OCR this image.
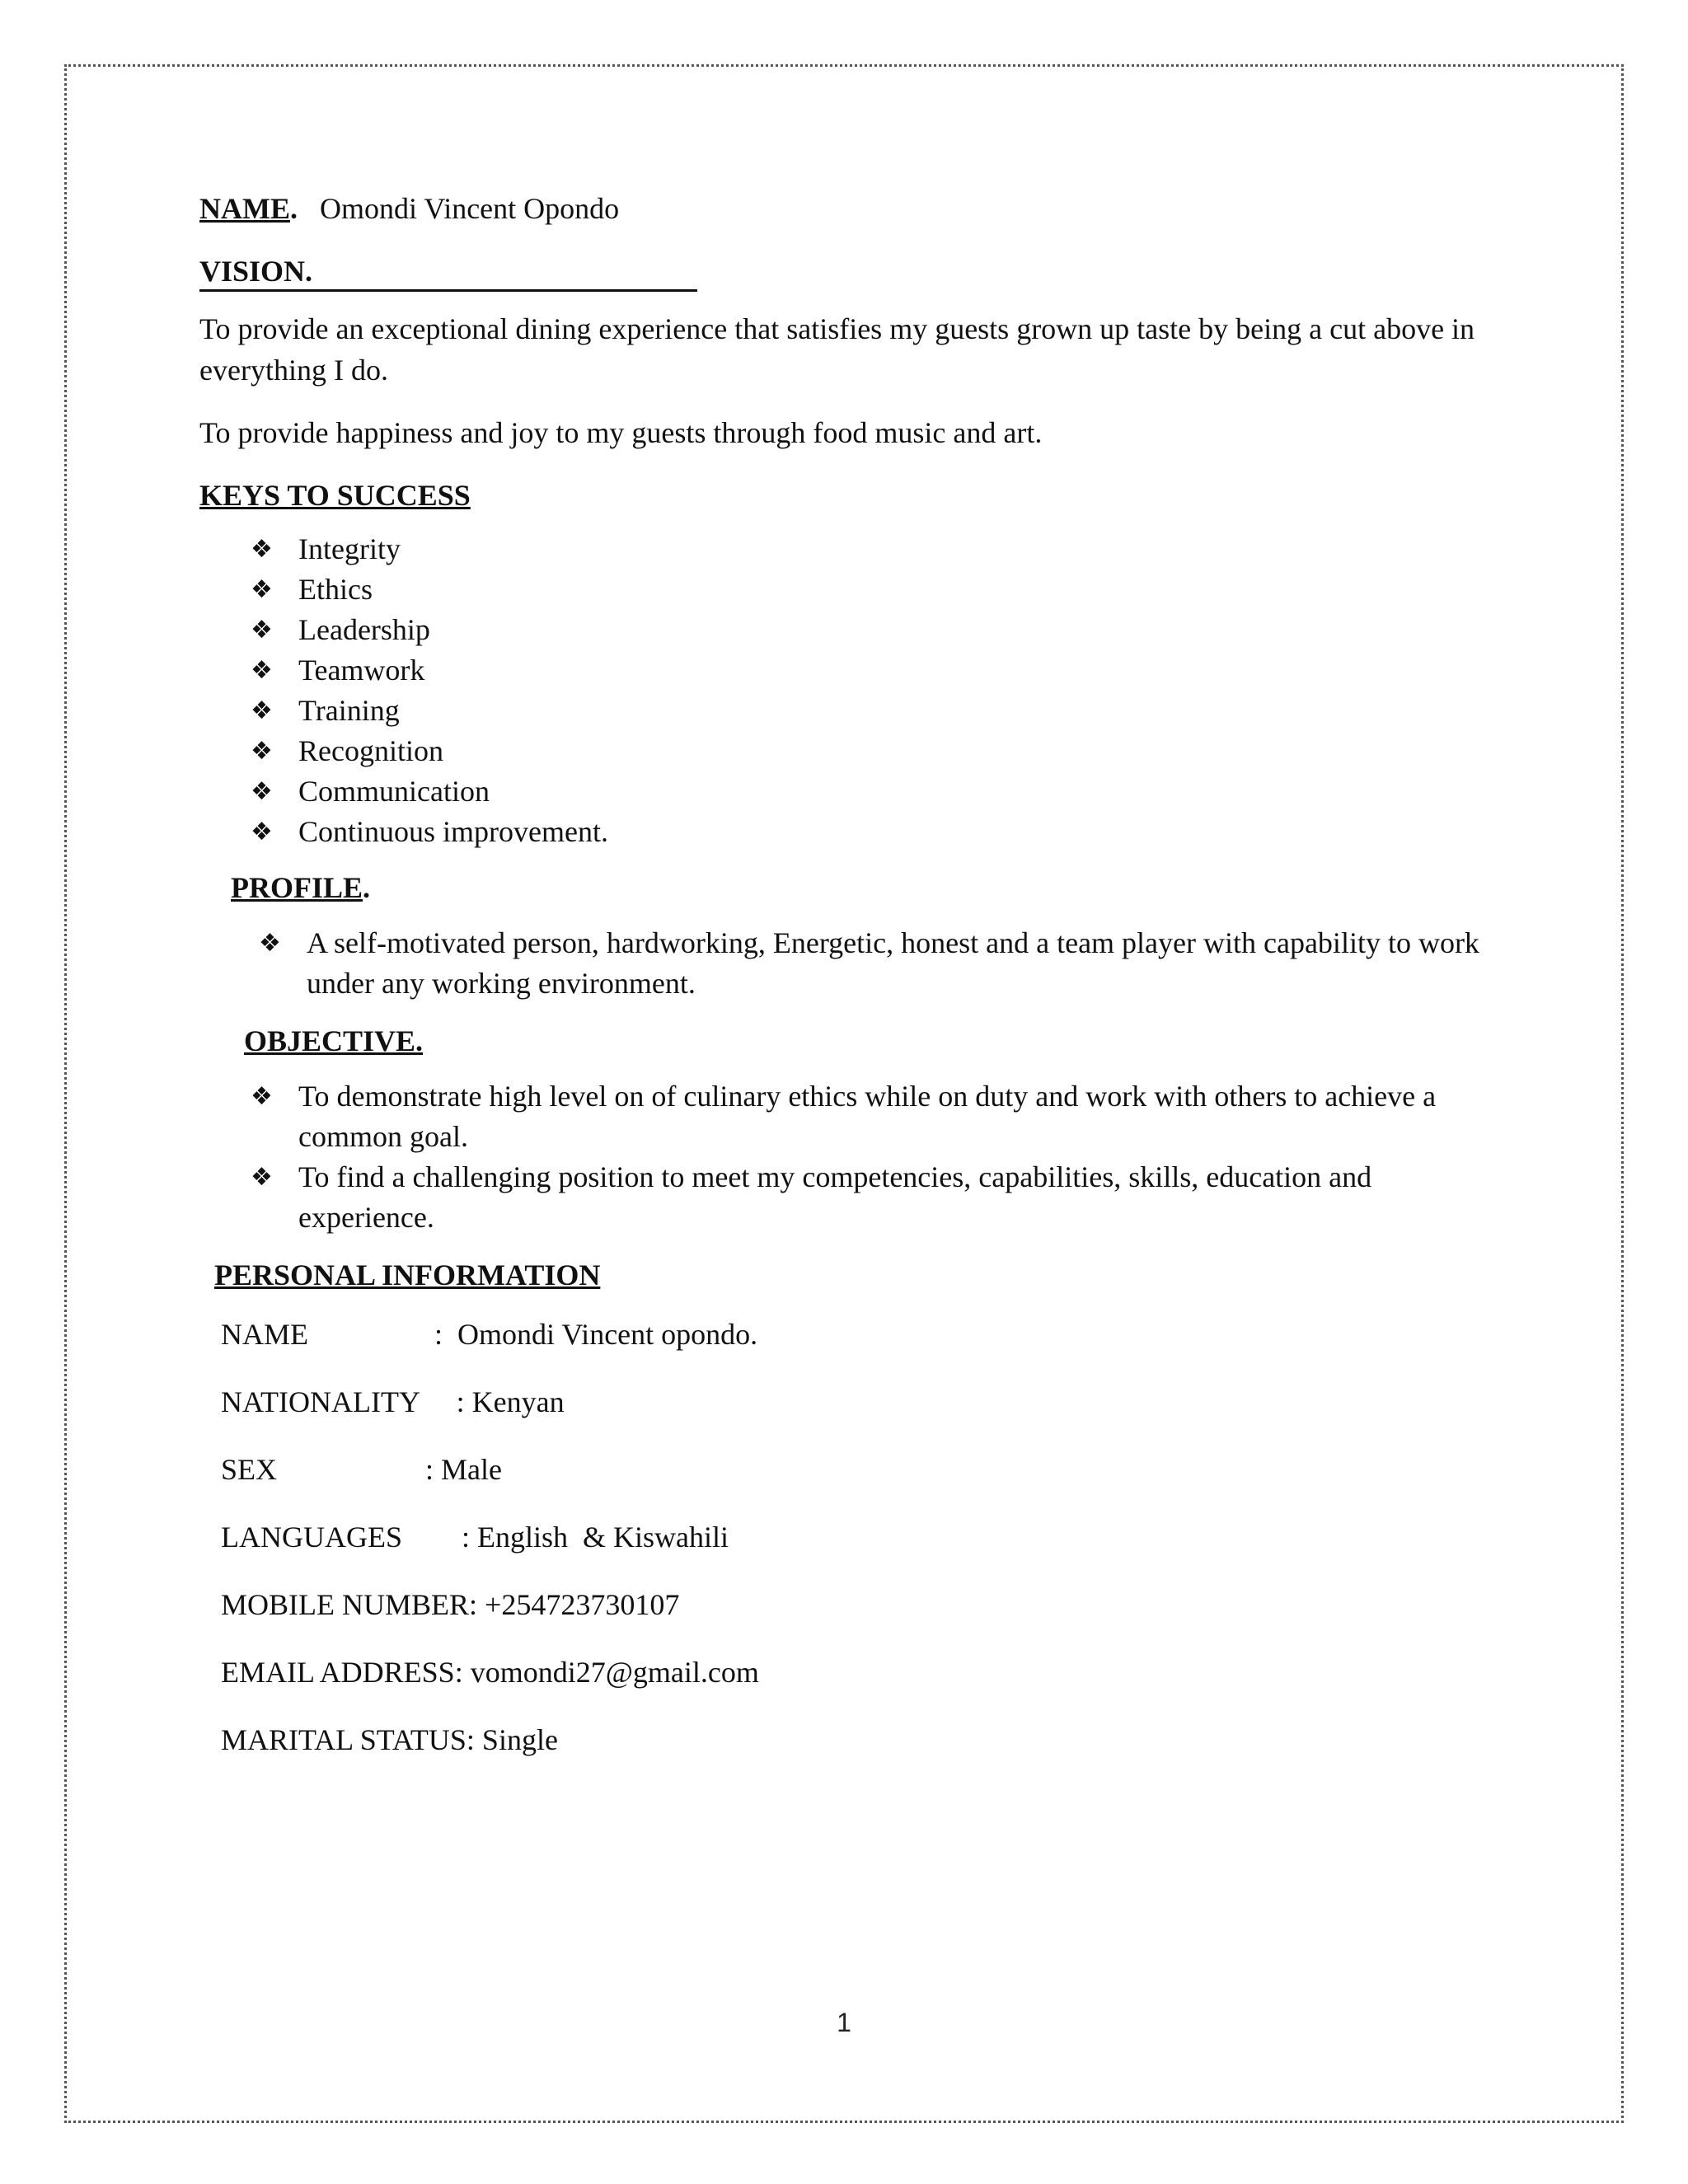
NAME. Omondi Vincent Opondo

VISION.

To provide an exceptional dining experience that satisfies my guests grown up taste by being a cut above in everything I do.

To provide happiness and joy to my guests through food music and art.

KEYS TO SUCCESS
❖ Integrity
❖ Ethics
❖ Leadership
❖ Teamwork
❖ Training
❖ Recognition
❖ Communication
❖ Continuous improvement.
PROFILE.
❖ A self-motivated person, hardworking, Energetic, honest and a team player with capability to work under any working environment.
OBJECTIVE.
❖ To demonstrate high level on of culinary ethics while on duty and work with others to achieve a common goal.
❖ To find a challenging position to meet my competencies, capabilities, skills, education and experience.
PERSONAL INFORMATION
NAME                 :  Omondi Vincent opondo.
NATIONALITY     : Kenyan
SEX                    : Male
LANGUAGES        : English  & Kiswahili
MOBILE NUMBER: +254723730107
EMAIL ADDRESS: vomondi27@gmail.com
MARITAL STATUS: Single
1
